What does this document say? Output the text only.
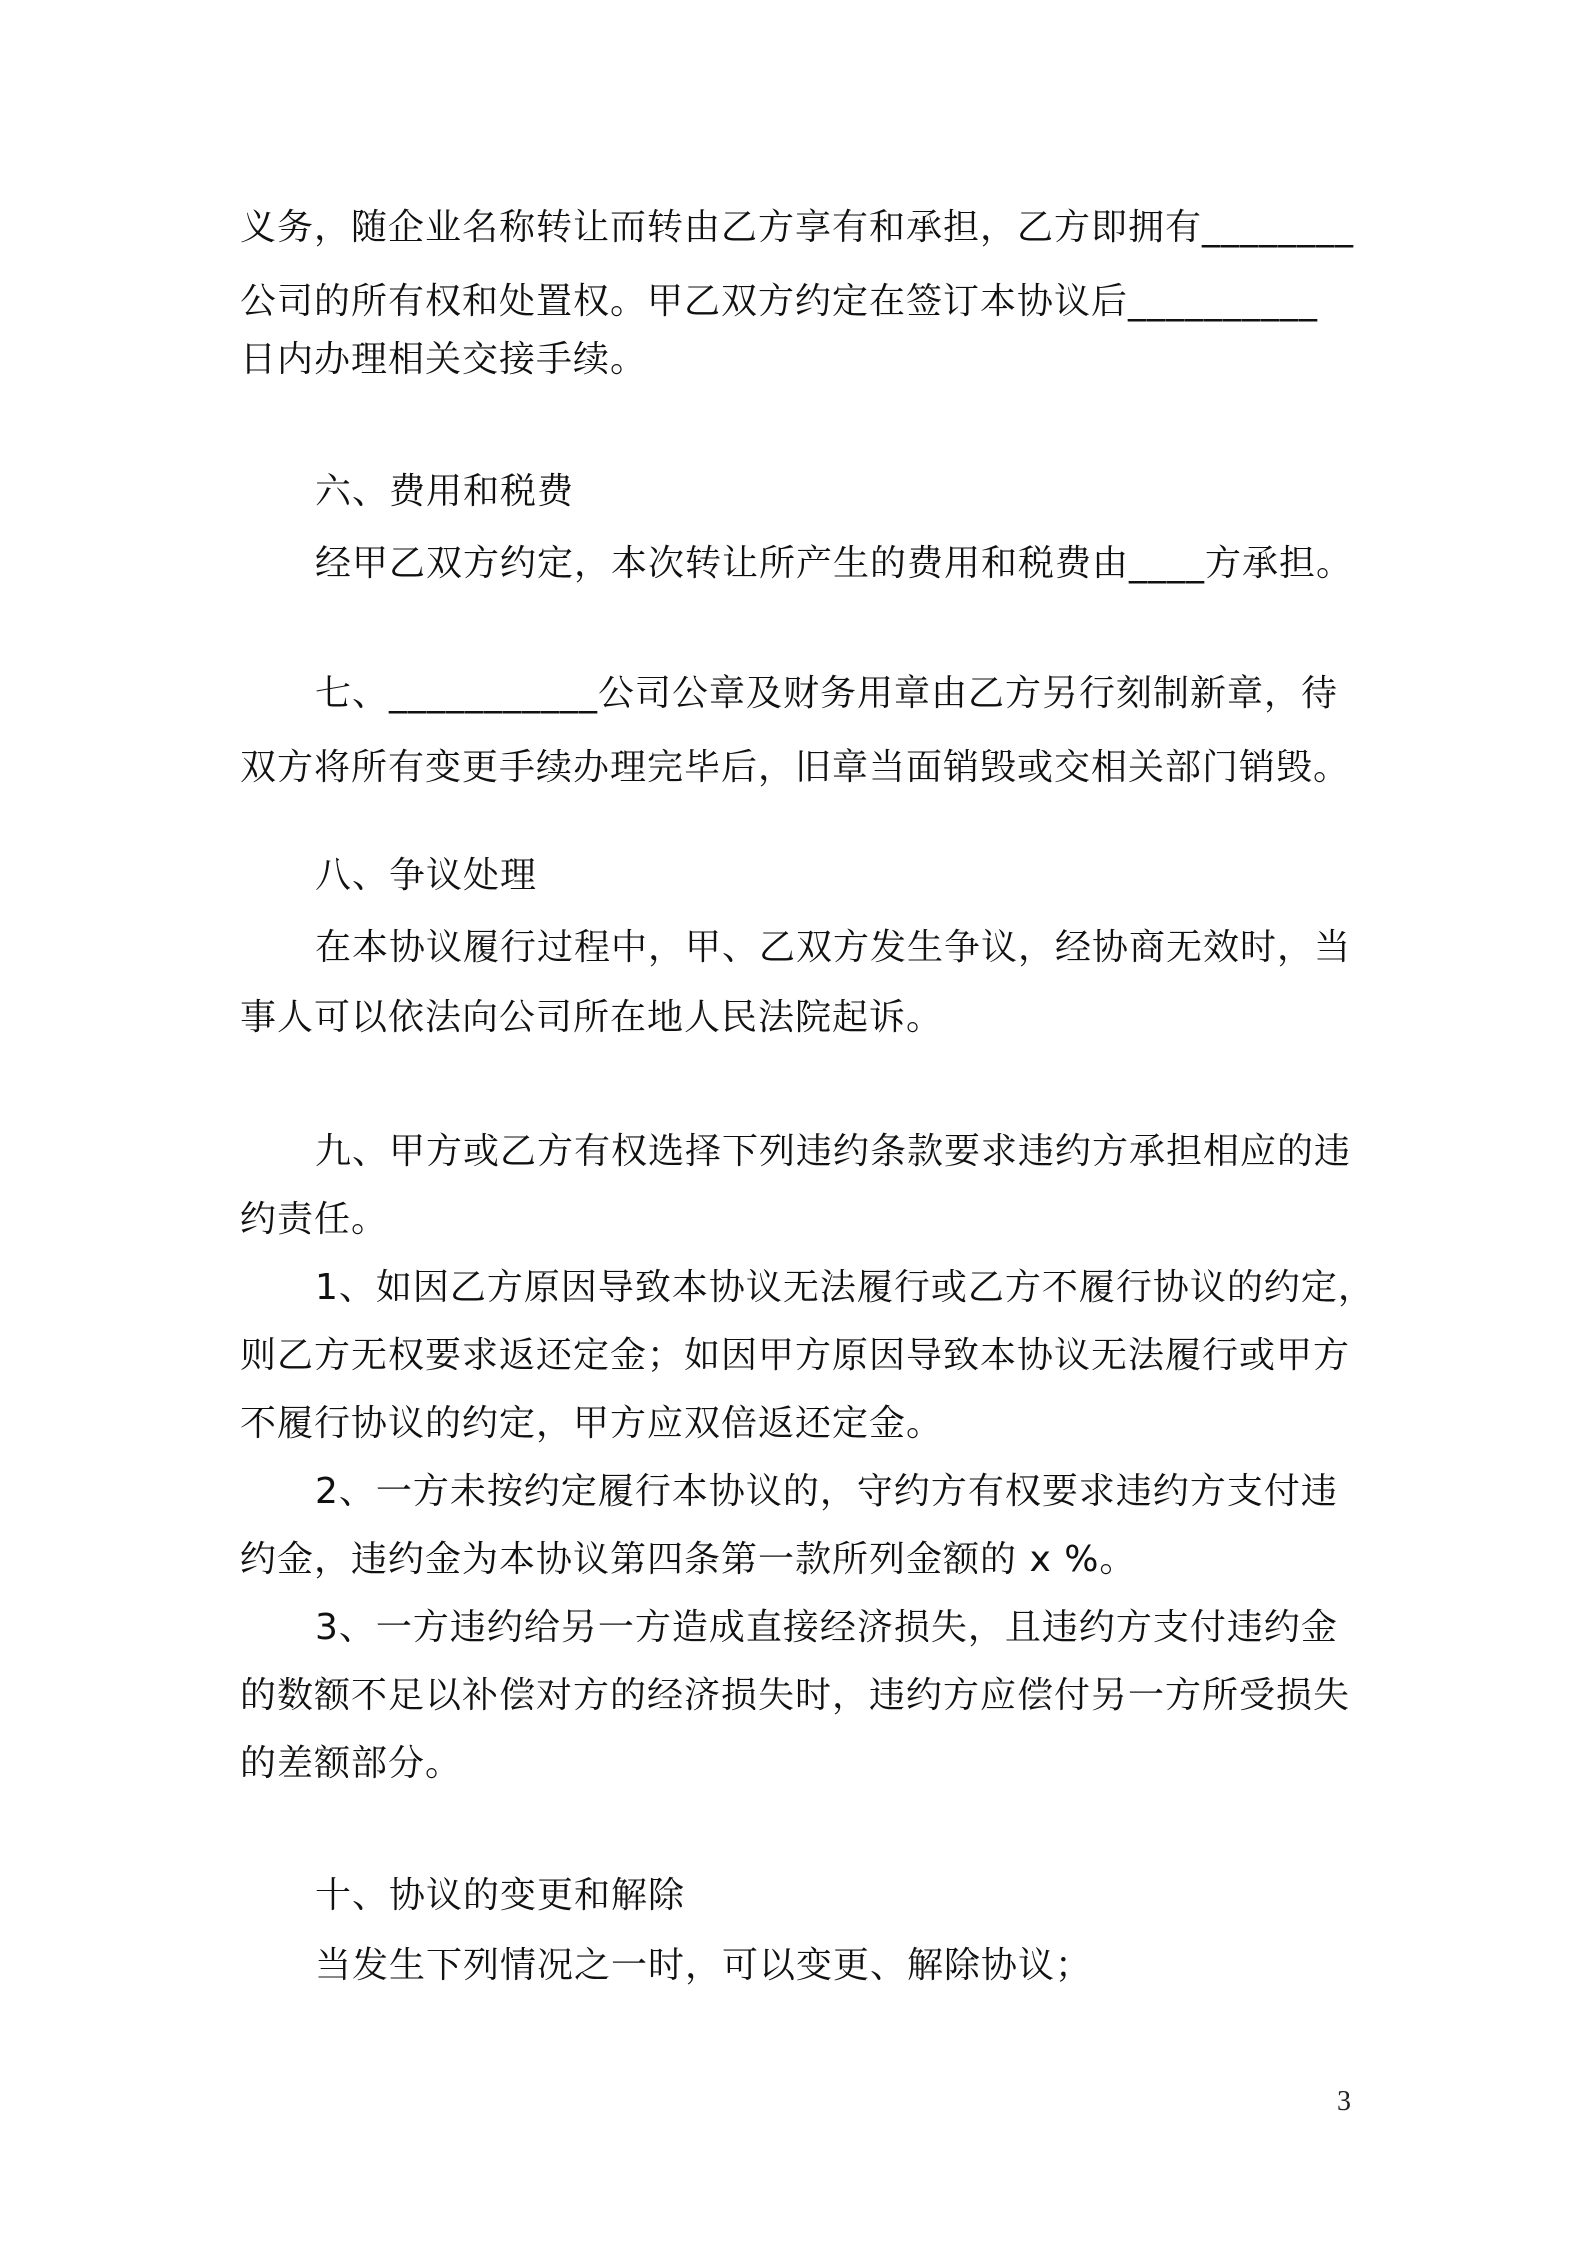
义务，随企业名称转让而转由乙方享有和承担，乙方即拥有________
公司的所有权和处置权。甲乙双方约定在签订本协议后__________
日内办理相关交接手续。
六、费用和税费
经甲乙双方约定，本次转让所产生的费用和税费由____方承担。
七、___________公司公章及财务用章由乙方另行刻制新章，待
双方将所有变更手续办理完毕后，旧章当面销毁或交相关部门销毁。
八、争议处理
在本协议履行过程中，甲、乙双方发生争议，经协商无效时，当
事人可以依法向公司所在地人民法院起诉。
九、甲方或乙方有权选择下列违约条款要求违约方承担相应的违
约责任。
1、如因乙方原因导致本协议无法履行或乙方不履行协议的约定，
则乙方无权要求返还定金；如因甲方原因导致本协议无法履行或甲方
不履行协议的约定，甲方应双倍返还定金。
2、一方未按约定履行本协议的，守约方有权要求违约方支付违
约金，违约金为本协议第四条第一款所列金额的 x %。
3、一方违约给另一方造成直接经济损失，且违约方支付违约金
的数额不足以补偿对方的经济损失时，违约方应偿付另一方所受损失
的差额部分。
十、协议的变更和解除
当发生下列情况之一时，可以变更、解除协议；
3
